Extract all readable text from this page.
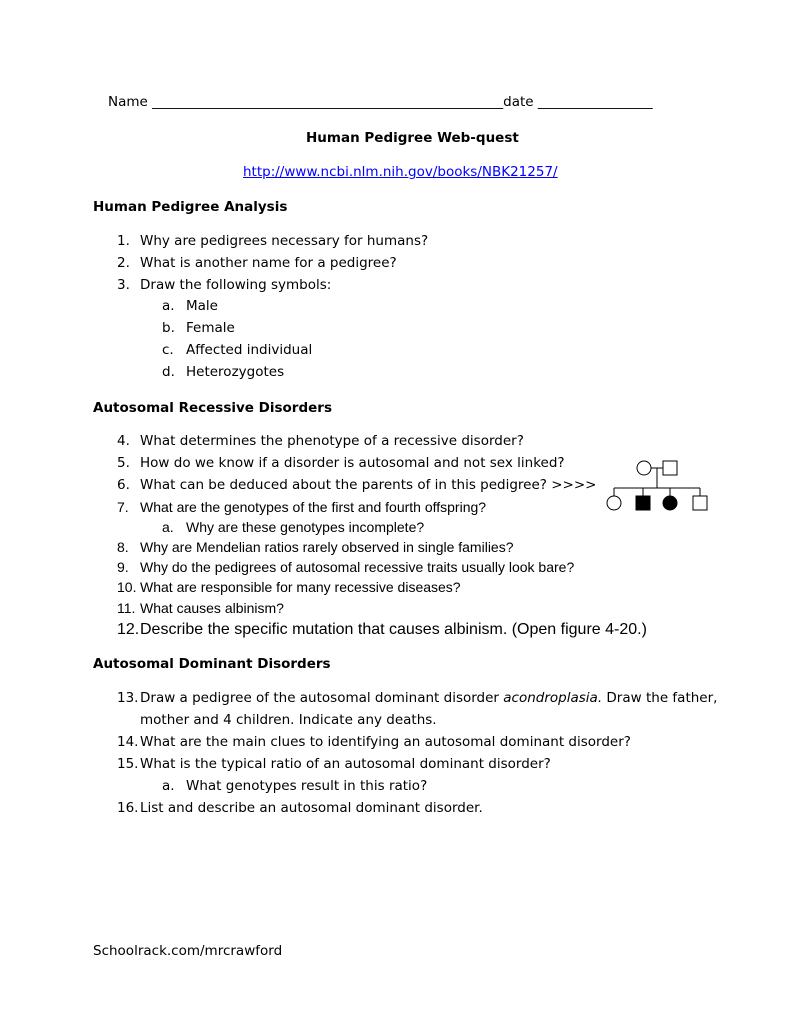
Name ____________________________________________________date _________________
Human Pedigree Web-quest
http://www.ncbi.nlm.nih.gov/books/NBK21257/
Human Pedigree Analysis
1. Why are pedigrees necessary for humans?
2. What is another name for a pedigree?
3. Draw the following symbols:
a. Male
b. Female
c. Affected individual
d. Heterozygotes
Autosomal Recessive Disorders
4. What determines the phenotype of a recessive disorder?
5. How do we know if a disorder is autosomal and not sex linked?
6. What can be deduced about the parents of in this pedigree? >>>>
7. What are the genotypes of the first and fourth offspring?
a. Why are these genotypes incomplete?
8. Why are Mendelian ratios rarely observed in single families?
9. Why do the pedigrees of autosomal recessive traits usually look bare?
10. What are responsible for many recessive diseases?
11. What causes albinism?
12. Describe the specific mutation that causes albinism. (Open figure 4-20.)
Autosomal Dominant Disorders
13. Draw a pedigree of the autosomal dominant disorder acondroplasia. Draw the father,
mother and 4 children. Indicate any deaths.
14. What are the main clues to identifying an autosomal dominant disorder?
15. What is the typical ratio of an autosomal dominant disorder?
a. What genotypes result in this ratio?
16. List and describe an autosomal dominant disorder.
Schoolrack.com/mrcrawford
